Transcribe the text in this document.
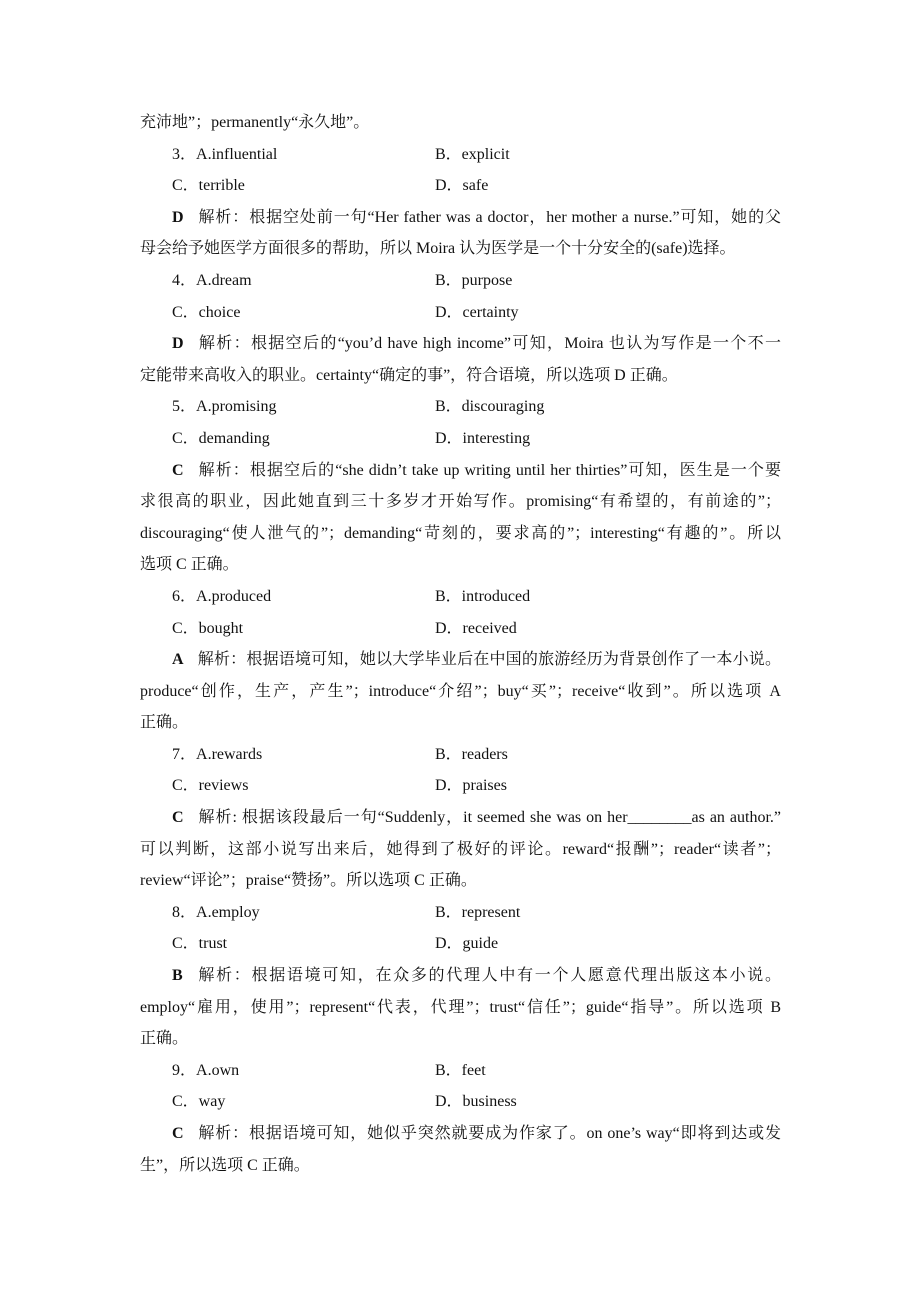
充沛地”；permanently“永久地”。
3．A.influential	B．explicit
C．terrible	D．safe
D 解析：根据空处前一句“Her father was a doctor，her mother a nurse.”可知，她的父
母会给予她医学方面很多的帮助，所以 Moira 认为医学是一个十分安全的(safe)选择。
4．A.dream	B．purpose
C．choice	D．certainty
D 解析：根据空后的“you’d have high income”可知，Moira 也认为写作是一个不一
定能带来高收入的职业。certainty“确定的事”，符合语境，所以选项 D 正确。
5．A.promising	B．discouraging
C．demanding	D．interesting
C 解析：根据空后的“she didn’t take up writing until her thirties”可知，医生是一个要
求很高的职业，因此她直到三十多岁才开始写作。promising“有希望的，有前途的”；
discouraging“使人泄气的”；demanding“苛刻的，要求高的”；interesting“有趣的”。所以
选项 C 正确。
6．A.produced	B．introduced
C．bought	D．received
A 解析：根据语境可知，她以大学毕业后在中国的旅游经历为背景创作了一本小说。
produce“创作，生产，产生”；introduce“介绍”；buy“买”；receive“收到”。所以选项 A
正确。
7．A.rewards	B．readers
C．reviews	D．praises
C 解析: 根据该段最后一句“Suddenly，it seemed she was on her________as an author.”
可以判断，这部小说写出来后，她得到了极好的评论。reward“报酬”；reader“读者”；
review“评论”；praise“赞扬”。所以选项 C 正确。
8．A.employ	B．represent
C．trust	D．guide
B 解析：根据语境可知，在众多的代理人中有一个人愿意代理出版这本小说。
employ“雇用，使用”；represent“代表，代理”；trust“信任”；guide“指导”。所以选项 B
正确。
9．A.own	B．feet
C．way	D．business
C 解析：根据语境可知，她似乎突然就要成为作家了。on one’s way“即将到达或发
生”，所以选项 C 正确。
